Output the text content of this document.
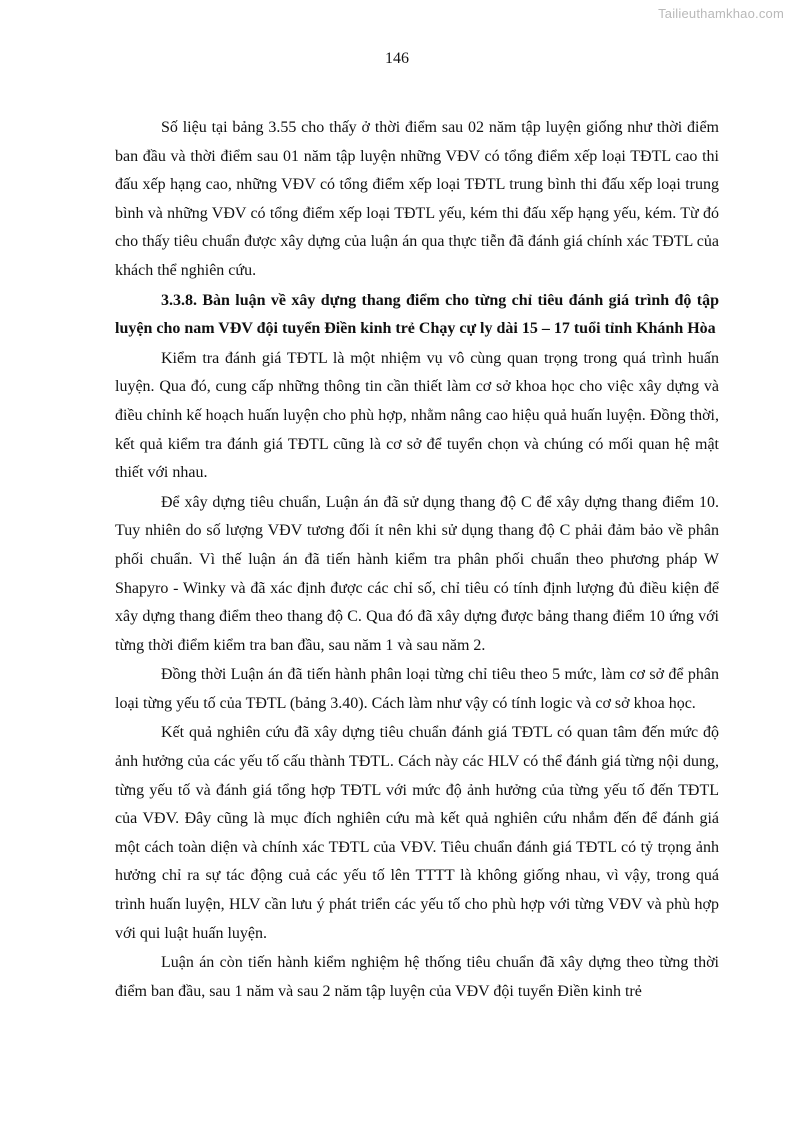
Tailieuthamkhao.com
146

Số liệu tại bảng 3.55 cho thấy ở thời điểm sau 02 năm tập luyện giống như thời điểm ban đầu và thời điểm sau 01 năm tập luyện những VĐV có tổng điểm xếp loại TĐTL cao thi đấu xếp hạng cao, những VĐV có tổng điểm xếp loại TĐTL trung bình thi đấu xếp loại trung bình và những VĐV có tổng điểm xếp loại TĐTL yếu, kém thi đấu xếp hạng yếu, kém. Từ đó cho thấy tiêu chuẩn được xây dựng của luận án qua thực tiễn đã đánh giá chính xác TĐTL của khách thể nghiên cứu.

3.3.8. Bàn luận về xây dựng thang điểm cho từng chỉ tiêu đánh giá trình độ tập luyện cho nam VĐV đội tuyển Điền kinh trẻ Chạy cự ly dài 15 – 17 tuổi tỉnh Khánh Hòa

Kiểm tra đánh giá TĐTL là một nhiệm vụ vô cùng quan trọng trong quá trình huấn luyện. Qua đó, cung cấp những thông tin cần thiết làm cơ sở khoa học cho việc xây dựng và điều chỉnh kế hoạch huấn luyện cho phù hợp, nhằm nâng cao hiệu quả huấn luyện. Đồng thời, kết quả kiểm tra đánh giá TĐTL cũng là cơ sở để tuyển chọn và chúng có mối quan hệ mật thiết với nhau.

Để xây dựng tiêu chuẩn, Luận án đã sử dụng thang độ C để xây dựng thang điểm 10. Tuy nhiên do số lượng VĐV tương đối ít nên khi sử dụng thang độ C phải đảm bảo về phân phối chuẩn. Vì thế luận án đã tiến hành kiểm tra phân phối chuẩn theo phương pháp W Shapyro - Winky và đã xác định được các chỉ số, chỉ tiêu có tính định lượng đủ điều kiện để xây dựng thang điểm theo thang độ C. Qua đó đã xây dựng được bảng thang điểm 10 ứng với từng thời điểm kiểm tra ban đầu, sau năm 1 và sau năm 2.

Đồng thời Luận án đã tiến hành phân loại từng chỉ tiêu theo 5 mức, làm cơ sở để phân loại từng yếu tố của TĐTL (bảng 3.40). Cách làm như vậy có tính logic và cơ sở khoa học.

Kết quả nghiên cứu đã xây dựng tiêu chuẩn đánh giá TĐTL có quan tâm đến mức độ ảnh hưởng của các yếu tố cấu thành TĐTL. Cách này các HLV có thể đánh giá từng nội dung, từng yếu tố và đánh giá tổng hợp TĐTL với mức độ ảnh hưởng của từng yếu tố đến TĐTL của VĐV. Đây cũng là mục đích nghiên cứu mà kết quả nghiên cứu nhắm đến để đánh giá một cách toàn diện và chính xác TĐTL của VĐV. Tiêu chuẩn đánh giá TĐTL có tỷ trọng ảnh hưởng chỉ ra sự tác động cuả các yếu tố lên TTTT là không giống nhau, vì vậy, trong quá trình huấn luyện, HLV cần lưu ý phát triển các yếu tố cho phù hợp với từng VĐV và phù hợp với qui luật huấn luyện.

Luận án còn tiến hành kiểm nghiệm hệ thống tiêu chuẩn đã xây dựng theo từng thời điểm ban đầu, sau 1 năm và sau 2 năm tập luyện của VĐV đội tuyển Điền kinh trẻ
